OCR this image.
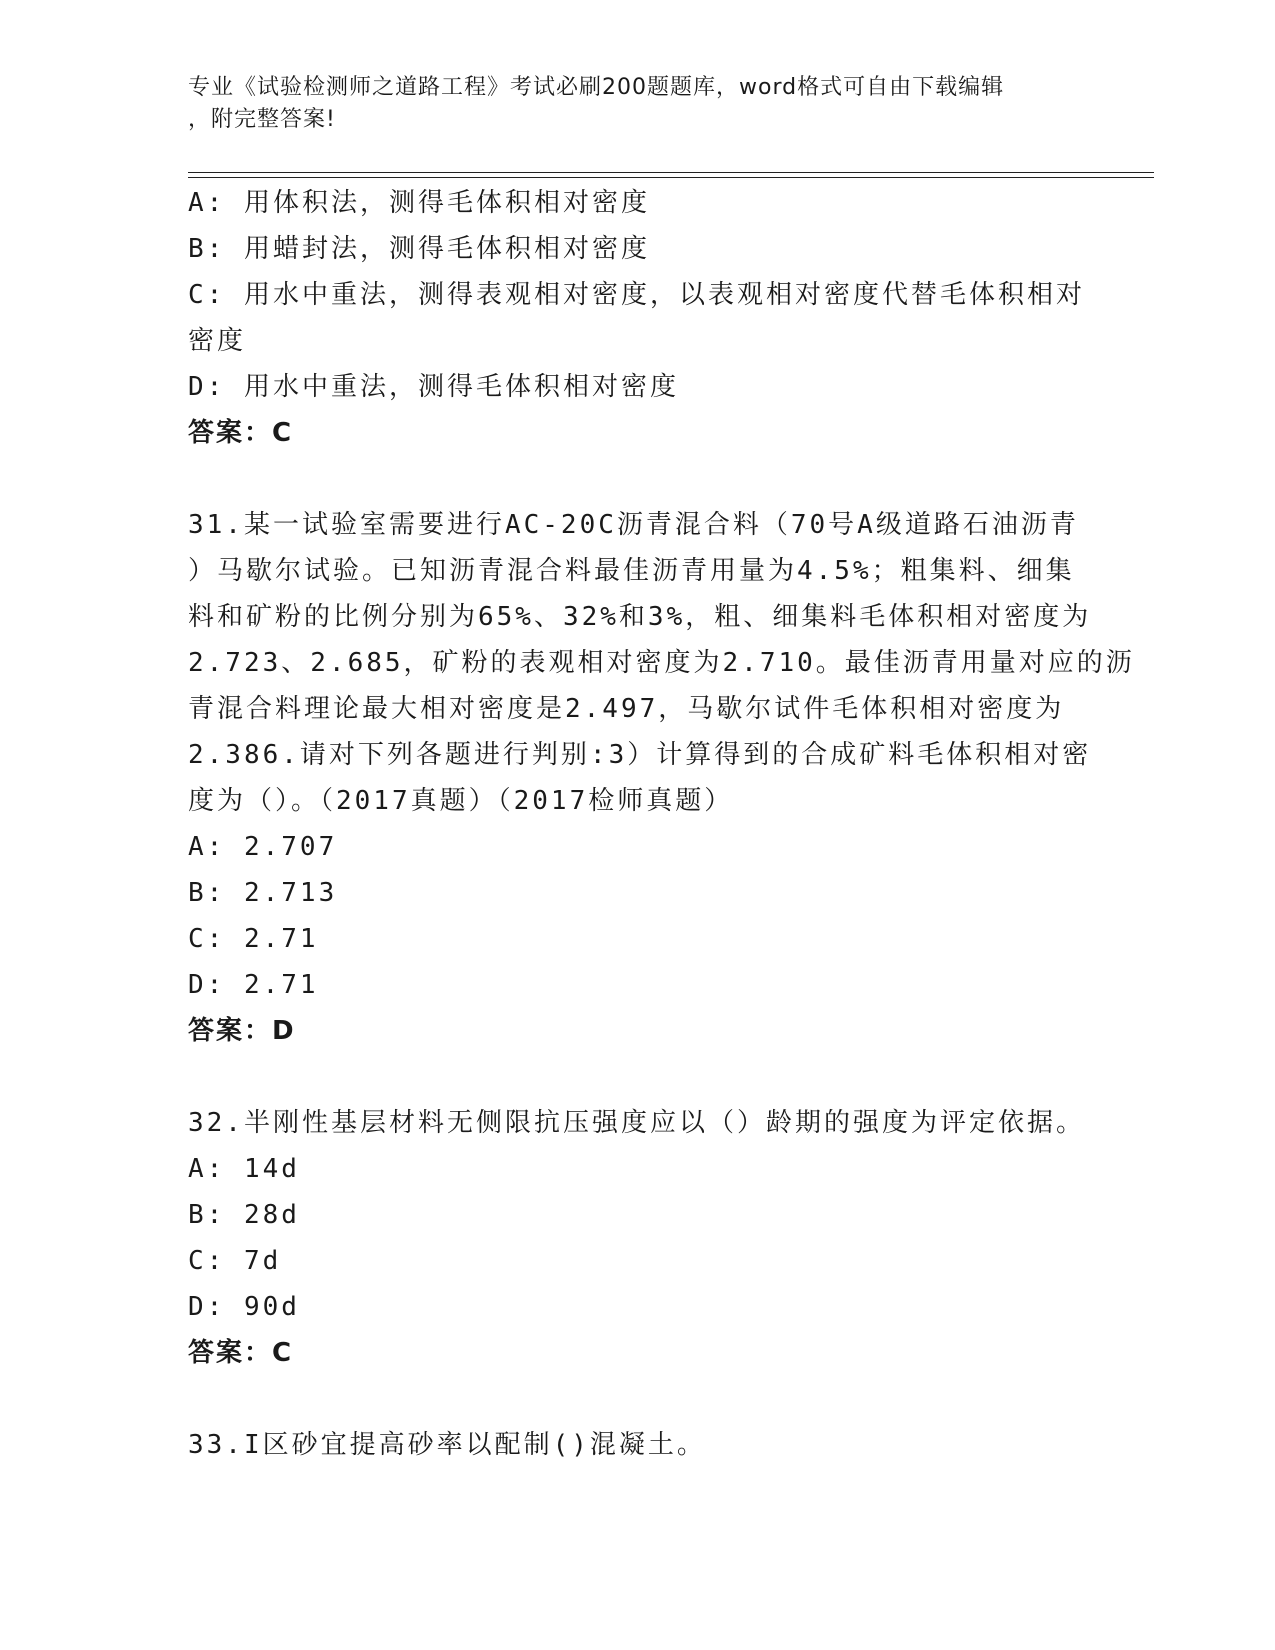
专业《试验检测师之道路工程》考试必刷200题题库，word格式可自由下载编辑
，附完整答案!
A: 用体积法，测得毛体积相对密度
B: 用蜡封法，测得毛体积相对密度
C: 用水中重法，测得表观相对密度，以表观相对密度代替毛体积相对
密度
D: 用水中重法，测得毛体积相对密度
答案：C
31.某一试验室需要进行AC-20C沥青混合料（70号A级道路石油沥青
）马歇尔试验。已知沥青混合料最佳沥青用量为4.5%；粗集料、细集
料和矿粉的比例分别为65%、32%和3%，粗、细集料毛体积相对密度为
2.723、2.685，矿粉的表观相对密度为2.710。最佳沥青用量对应的沥
青混合料理论最大相对密度是2.497，马歇尔试件毛体积相对密度为
2.386.请对下列各题进行判别:3）计算得到的合成矿料毛体积相对密
度为（）。（2017真题）（2017检师真题）
A: 2.707
B: 2.713
C: 2.71
D: 2.71
答案：D
32.半刚性基层材料无侧限抗压强度应以（）龄期的强度为评定依据。
A: 14d
B: 28d
C: 7d
D: 90d
答案：C
33.I区砂宜提高砂率以配制()混凝土。
